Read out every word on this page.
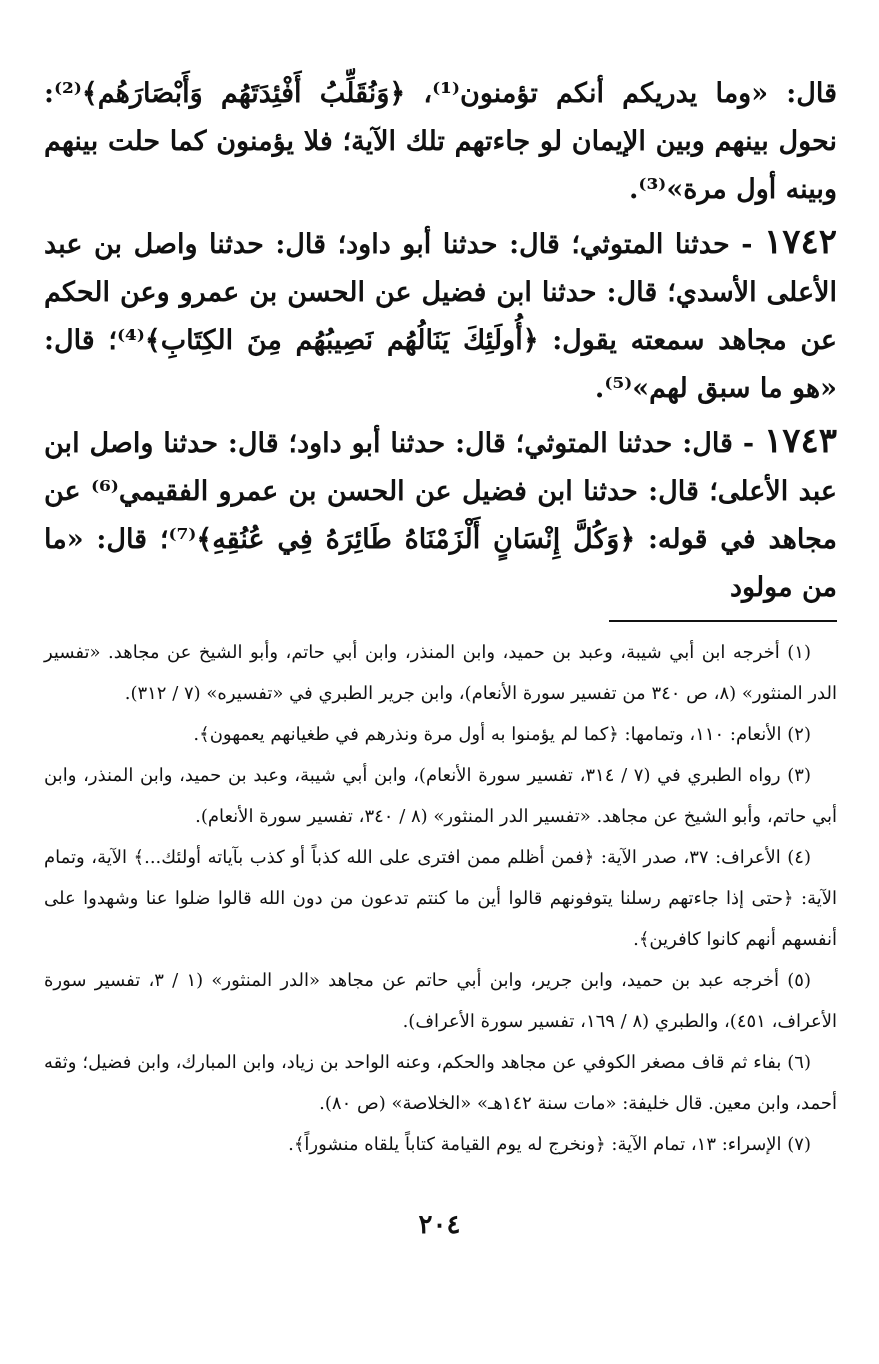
قال: «وما يدريكم أنكم تؤمنون⁽¹⁾، ﴿وَنُقَلِّبُ أَفْئِدَتَهُم وَأَبْصَارَهُم﴾⁽²⁾: نحول بينهم وبين الإيمان لو جاءتهم تلك الآية؛ فلا يؤمنون كما حلت بينهم وبينه أول مرة»⁽³⁾.

١٧٤٢ - حدثنا المتوثي؛ قال: حدثنا أبو داود؛ قال: حدثنا واصل بن عبد الأعلى الأسدي؛ قال: حدثنا ابن فضيل عن الحسن بن عمرو وعن الحكم عن مجاهد سمعته يقول: ﴿أُولَئِكَ يَنَالُهُم نَصِيبُهُم مِنَ الكِتَابِ﴾⁽⁴⁾؛ قال: «هو ما سبق لهم»⁽⁵⁾.

١٧٤٣ - قال: حدثنا المتوثي؛ قال: حدثنا أبو داود؛ قال: حدثنا واصل ابن عبد الأعلى؛ قال: حدثنا ابن فضيل عن الحسن بن عمرو الفقيمي⁽⁶⁾ عن مجاهد في قوله: ﴿وَكُلَّ إِنْسَانٍ أَلْزَمْنَاهُ طَائِرَهُ فِي عُنُقِهِ﴾⁽⁷⁾؛ قال: «ما من مولود

(١) أخرجه ابن أبي شيبة، وعبد بن حميد، وابن المنذر، وابن أبي حاتم، وأبو الشيخ عن مجاهد. «تفسير الدر المنثور» (٨، ص ٣٤٠ من تفسير سورة الأنعام)، وابن جرير الطبري في «تفسيره» (٧ / ٣١٢).

(٢) الأنعام: ١١٠، وتمامها: ﴿كما لم يؤمنوا به أول مرة ونذرهم في طغيانهم يعمهون﴾.

(٣) رواه الطبري في (٧ / ٣١٤، تفسير سورة الأنعام)، وابن أبي شيبة، وعبد بن حميد، وابن المنذر، وابن أبي حاتم، وأبو الشيخ عن مجاهد. «تفسير الدر المنثور» (٨ / ٣٤٠، تفسير سورة الأنعام).

(٤) الأعراف: ٣٧، صدر الآية: ﴿فمن أظلم ممن افترى على الله كذباً أو كذب بآياته أولئك...﴾ الآية، وتمام الآية: ﴿حتى إذا جاءتهم رسلنا يتوفونهم قالوا أين ما كنتم تدعون من دون الله قالوا ضلوا عنا وشهدوا على أنفسهم أنهم كانوا كافرين﴾.

(٥) أخرجه عبد بن حميد، وابن جرير، وابن أبي حاتم عن مجاهد «الدر المنثور» (١ / ٣، تفسير سورة الأعراف، ٤٥١)، والطبري (٨ / ١٦٩، تفسير سورة الأعراف).

(٦) بفاء ثم قاف مصغر الكوفي عن مجاهد والحكم، وعنه الواحد بن زياد، وابن المبارك، وابن فضيل؛ وثقه أحمد، وابن معين. قال خليفة: «مات سنة ١٤٢هـ» «الخلاصة» (ص ٨٠).

(٧) الإسراء: ١٣، تمام الآية: ﴿ونخرج له يوم القيامة كتاباً يلقاه منشوراً﴾.

٢٠٤
